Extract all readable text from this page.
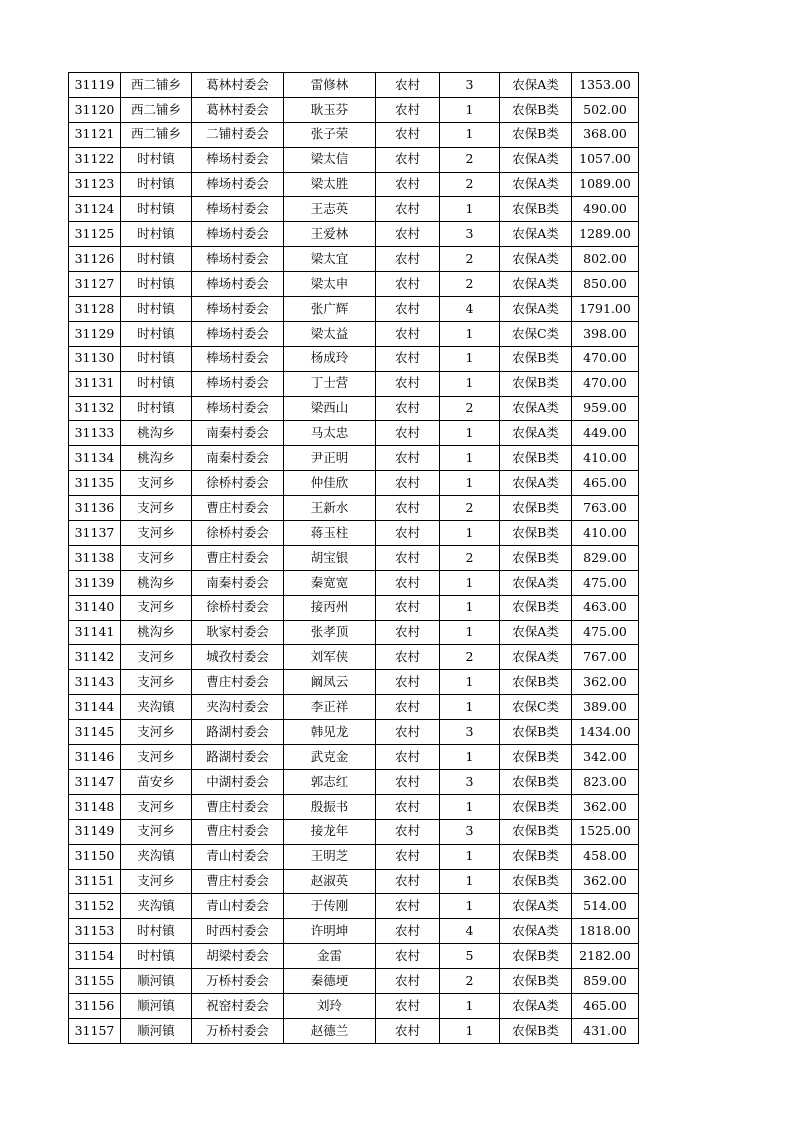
31119	西二铺乡	葛林村委会	雷修林	农村	3	农保A类	1353.00
31120	西二铺乡	葛林村委会	耿玉芬	农村	1	农保B类	502.00
31121	西二铺乡	二铺村委会	张子荣	农村	1	农保B类	368.00
31122	时村镇	棒场村委会	梁太信	农村	2	农保A类	1057.00
31123	时村镇	棒场村委会	梁太胜	农村	2	农保A类	1089.00
31124	时村镇	棒场村委会	王志英	农村	1	农保B类	490.00
31125	时村镇	棒场村委会	王爱林	农村	3	农保A类	1289.00
31126	时村镇	棒场村委会	梁太宜	农村	2	农保A类	802.00
31127	时村镇	棒场村委会	梁太申	农村	2	农保A类	850.00
31128	时村镇	棒场村委会	张广辉	农村	4	农保A类	1791.00
31129	时村镇	棒场村委会	梁太益	农村	1	农保C类	398.00
31130	时村镇	棒场村委会	杨成玲	农村	1	农保B类	470.00
31131	时村镇	棒场村委会	丁士营	农村	1	农保B类	470.00
31132	时村镇	棒场村委会	梁西山	农村	2	农保A类	959.00
31133	桃沟乡	南秦村委会	马太忠	农村	1	农保A类	449.00
31134	桃沟乡	南秦村委会	尹正明	农村	1	农保B类	410.00
31135	支河乡	徐桥村委会	仲佳欣	农村	1	农保A类	465.00
31136	支河乡	曹庄村委会	王新水	农村	2	农保B类	763.00
31137	支河乡	徐桥村委会	蒋玉柱	农村	1	农保B类	410.00
31138	支河乡	曹庄村委会	胡宝银	农村	2	农保B类	829.00
31139	桃沟乡	南秦村委会	秦宽宽	农村	1	农保A类	475.00
31140	支河乡	徐桥村委会	接丙州	农村	1	农保B类	463.00
31141	桃沟乡	耿家村委会	张孝顶	农村	1	农保A类	475.00
31142	支河乡	城孜村委会	刘军侠	农村	2	农保A类	767.00
31143	支河乡	曹庄村委会	阚凤云	农村	1	农保B类	362.00
31144	夹沟镇	夹沟村委会	李正祥	农村	1	农保C类	389.00
31145	支河乡	路湖村委会	韩见龙	农村	3	农保B类	1434.00
31146	支河乡	路湖村委会	武克金	农村	1	农保B类	342.00
31147	苗安乡	中湖村委会	郭志红	农村	3	农保B类	823.00
31148	支河乡	曹庄村委会	殷振书	农村	1	农保B类	362.00
31149	支河乡	曹庄村委会	接龙年	农村	3	农保B类	1525.00
31150	夹沟镇	青山村委会	王明芝	农村	1	农保B类	458.00
31151	支河乡	曹庄村委会	赵淑英	农村	1	农保B类	362.00
31152	夹沟镇	青山村委会	于传刚	农村	1	农保A类	514.00
31153	时村镇	时西村委会	许明坤	农村	4	农保A类	1818.00
31154	时村镇	胡梁村委会	金雷	农村	5	农保B类	2182.00
31155	顺河镇	万桥村委会	秦德埂	农村	2	农保B类	859.00
31156	顺河镇	祝窑村委会	刘玲	农村	1	农保A类	465.00
31157	顺河镇	万桥村委会	赵德兰	农村	1	农保B类	431.00
